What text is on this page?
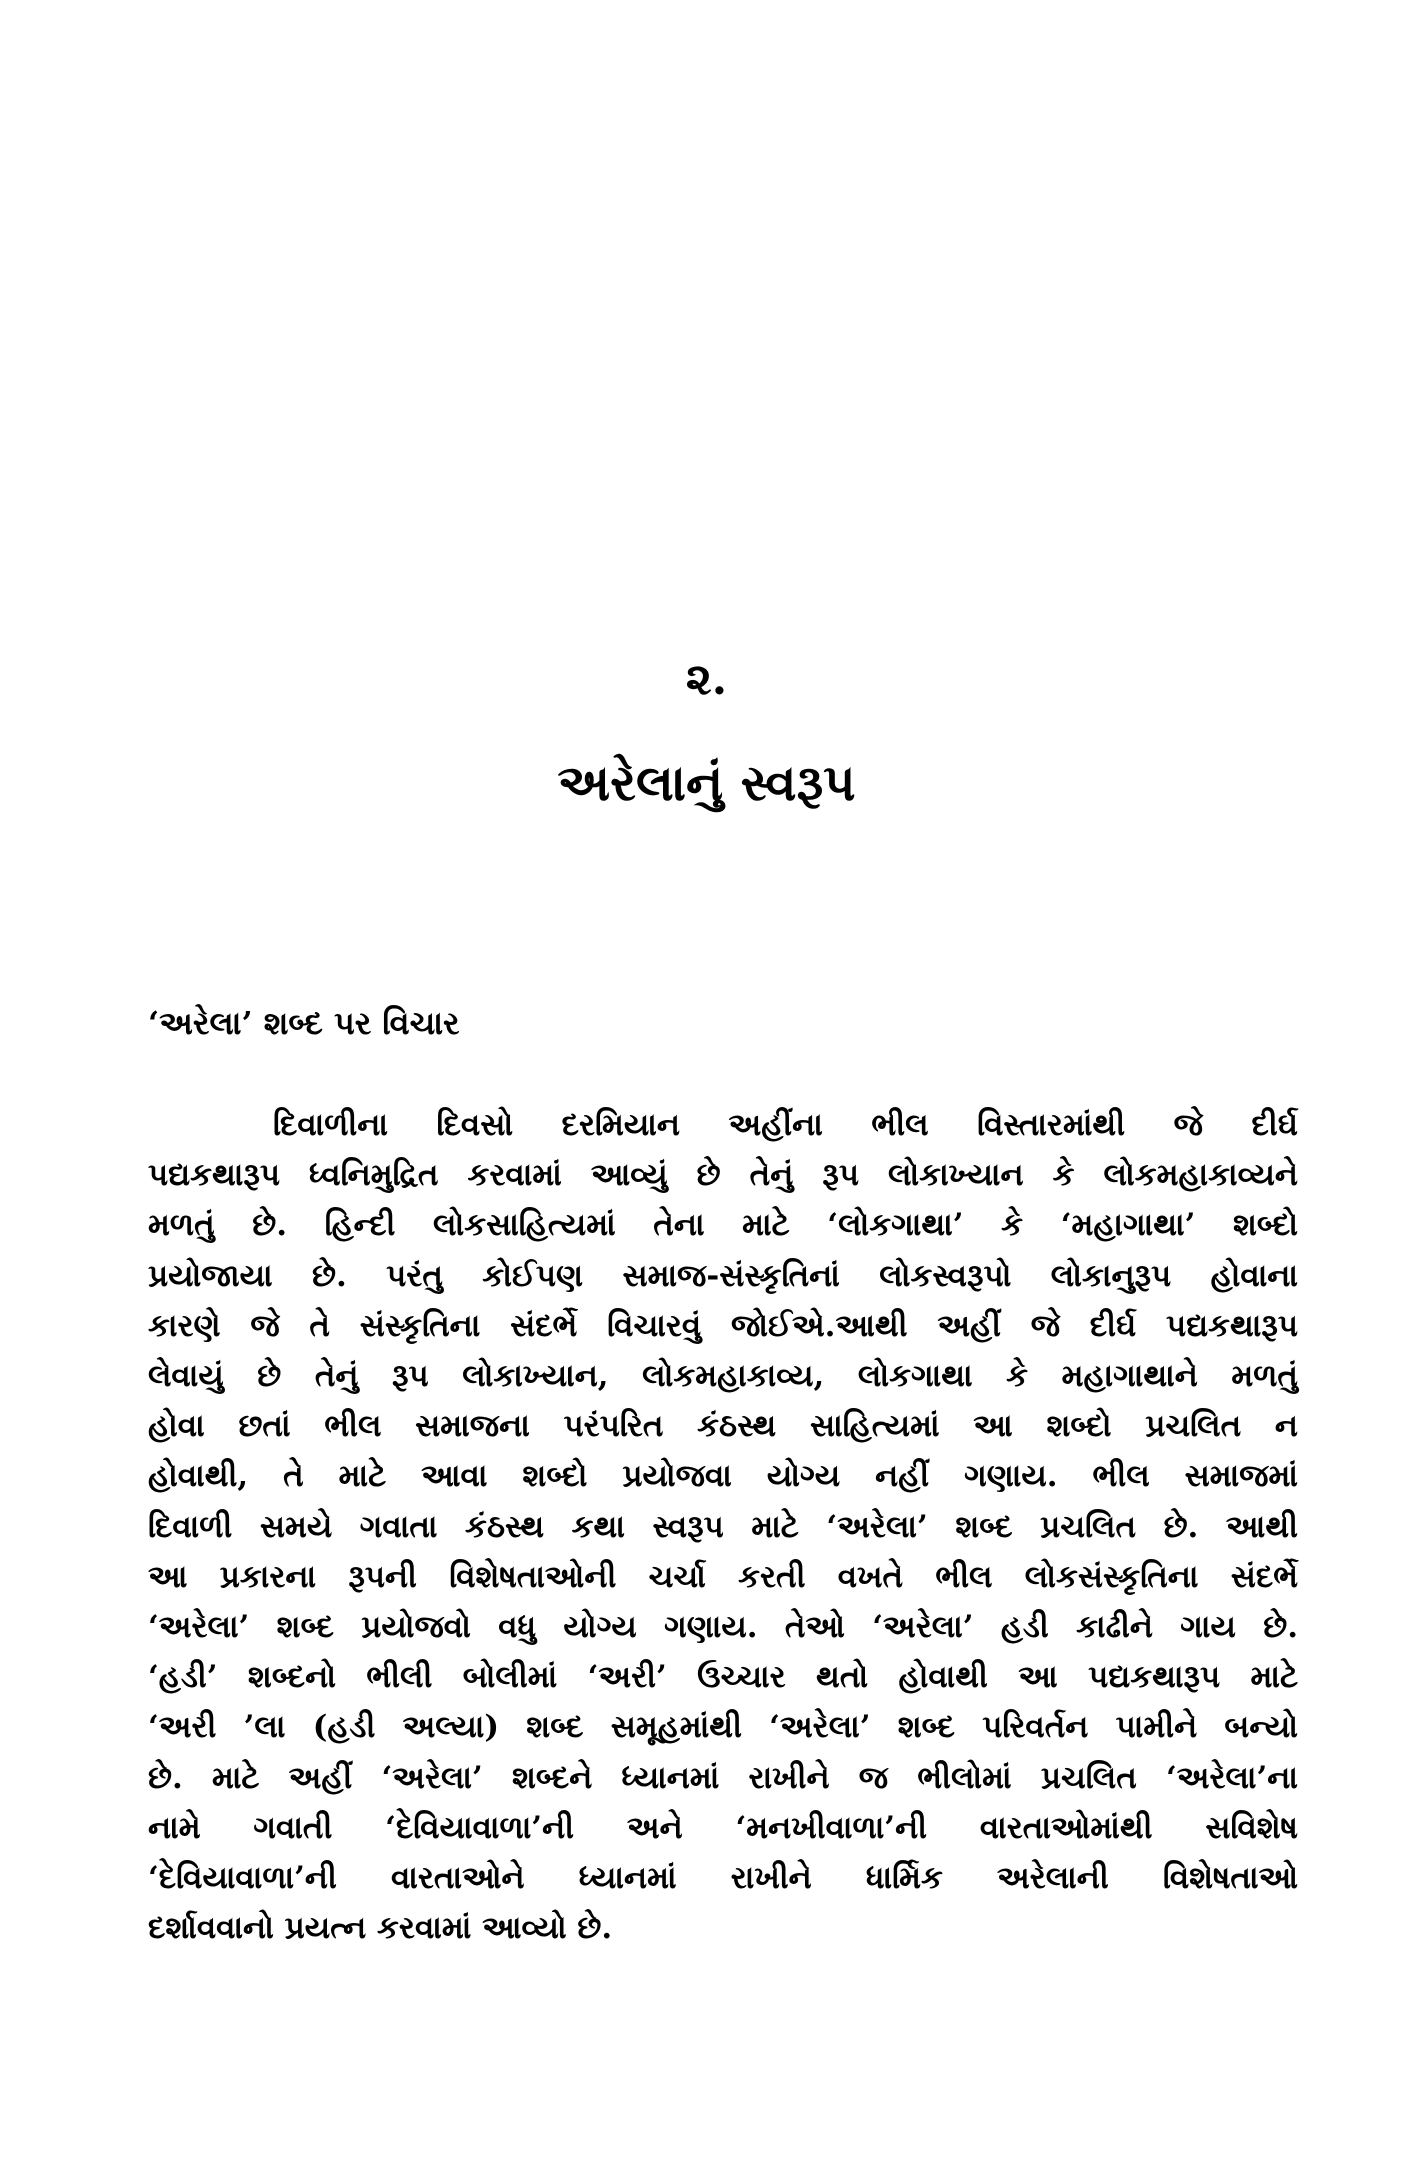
૨.
અરેલાનું સ્વરૂપ
‘અરેલા’ શબ્દ પર વિચાર
દિવાળીના દિવસો દરમિયાન અહીંના ભીલ વિસ્તારમાંથી જે દીર્ઘ
પદ્યકથારૂપ ધ્વનિમુદ્રિત કરવામાં આવ્યું છે તેનું રૂપ લોકાખ્યાન કે લોકમહાકાવ્યને
મળતું છે. હિન્દી લોકસાહિત્યમાં તેના માટે ‘લોકગાથા’ કે ‘મહાગાથા’ શબ્દો
પ્રયોજાયા છે. પરંતુ કોઈપણ સમાજ-સંસ્કૃતિનાં લોકસ્વરૂપો લોકાનુરૂપ હોવાના
કારણે જે તે સંસ્કૃતિના સંદર્ભે વિચારવું જોઈએ.આથી અહીં જે દીર્ઘ પદ્યકથારૂપ
લેવાયું છે તેનું રૂપ લોકાખ્યાન, લોકમહાકાવ્ય, લોકગાથા કે મહાગાથાને મળતું
હોવા છતાં ભીલ સમાજના પરંપરિત કંઠસ્થ સાહિત્યમાં આ શબ્દો પ્રચલિત ન
હોવાથી, તે માટે આવા શબ્દો પ્રયોજવા યોગ્ય નહીં ગણાય. ભીલ સમાજમાં
દિવાળી સમયે ગવાતા કંઠસ્થ કથા સ્વરૂપ માટે ‘અરેલા’ શબ્દ પ્રચલિત છે. આથી
આ પ્રકારના રૂપની વિશેષતાઓની ચર્ચા કરતી વખતે ભીલ લોકસંસ્કૃતિના સંદર્ભે
‘અરેલા’ શબ્દ પ્રયોજવો વધુ યોગ્ય ગણાય. તેઓ ‘અરેલા’ હડી કાઢીને ગાય છે.
‘હડી’ શબ્દનો ભીલી બોલીમાં ‘અરી’ ઉચ્ચાર થતો હોવાથી આ પદ્યકથારૂપ માટે
‘અરી ’લા (હડી અલ્યા) શબ્દ સમૂહમાંથી ‘અરેલા’ શબ્દ પરિવર્તન પામીને બન્યો
છે. માટે અહીં ‘અરેલા’ શબ્દને ધ્યાનમાં રાખીને જ ભીલોમાં પ્રચલિત ‘અરેલા’ના
નામે ગવાતી ‘દેવિયાવાળા’ની અને ‘મનખીવાળા’ની વારતાઓમાંથી સવિશેષ
‘દેવિયાવાળા’ની વારતાઓને ધ્યાનમાં રાખીને ધાર્મિક અરેલાની વિશેષતાઓ
દર્શાવવાનો પ્રયત્ન કરવામાં આવ્યો છે.
